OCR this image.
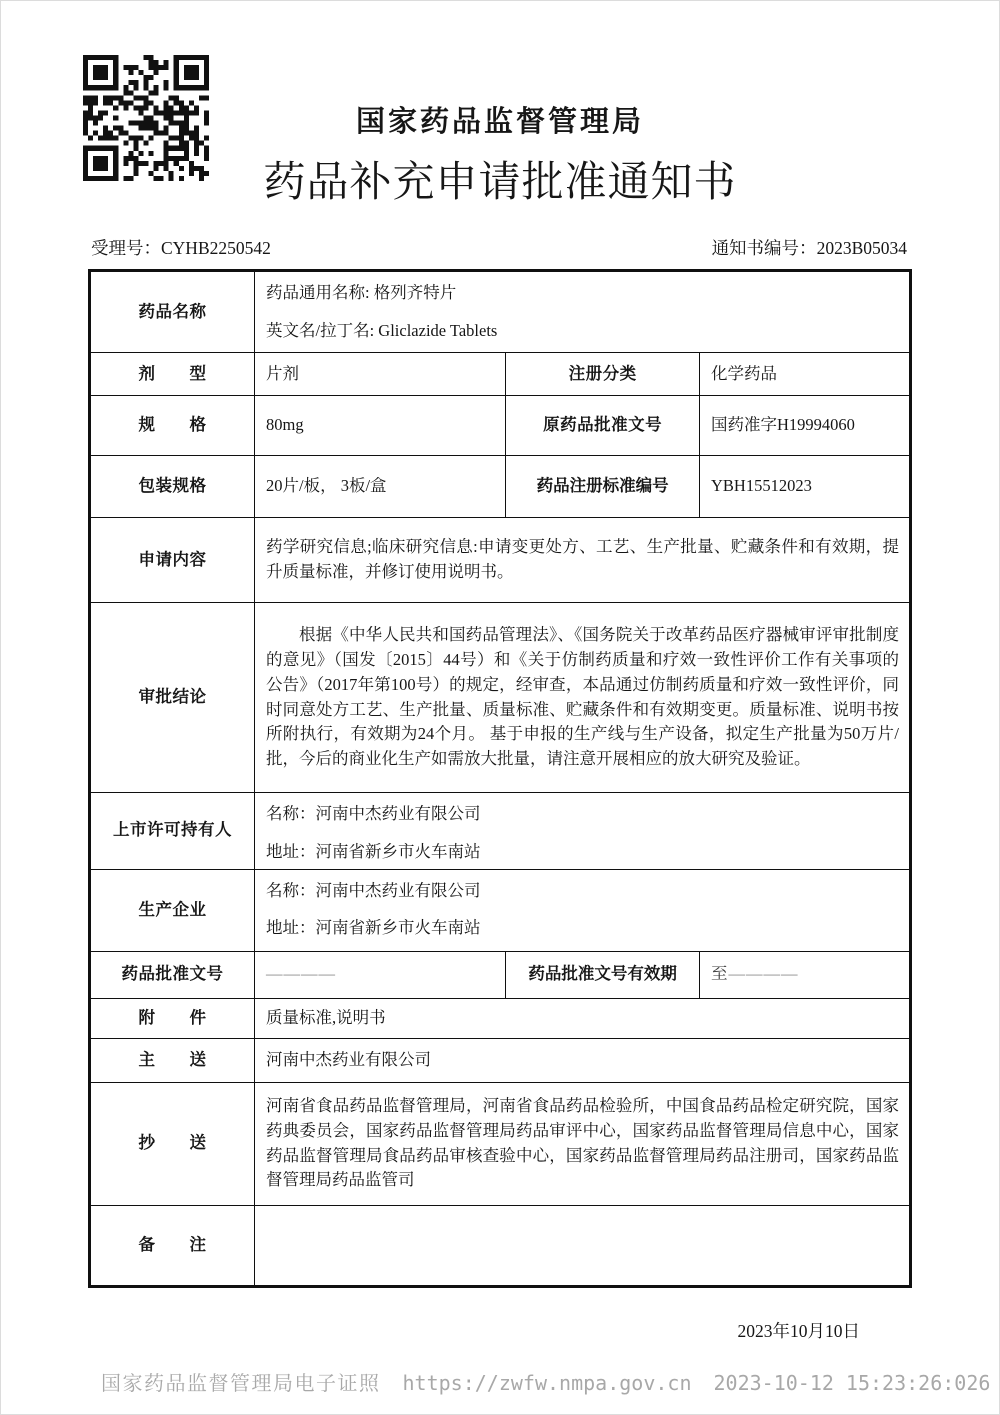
国家药品监督管理局
药品补充申请批准通知书
受理号：CYHB2250542	通知书编号：2023B05034
药品名称	药品通用名称: 格列齐特片
英文名/拉丁名: Gliclazide Tablets		

剂　　型	片剂	注册分类	化学药品
规　　格	80mg	原药品批准文号	国药准字H19994060
包装规格	20片/板， 3板/盒	药品注册标准编号	YBH15512023
申请内容	药学研究信息;临床研究信息:申请变更处方、工艺、生产批量、贮藏条件和有效期，提升质量标准，并修订使用说明书。		
审批结论	根据《中华人民共和国药品管理法》、《国务院关于改革药品医疗器械审评审批制度的意见》（国发〔2015〕44号）和《关于仿制药质量和疗效一致性评价工作有关事项的公告》（2017年第100号）的规定，经审查，本品通过仿制药质量和疗效一致性评价，同时同意处方工艺、生产批量、质量标准、贮藏条件和有效期变更。质量标准、说明书按所附执行，有效期为24个月。 基于申报的生产线与生产设备，拟定生产批量为50万片/批，今后的商业化生产如需放大批量，请注意开展相应的放大研究及验证。		
上市许可持有人	名称：河南中杰药业有限公司
地址：河南省新乡市火车南站		

生产企业	名称：河南中杰药业有限公司
地址：河南省新乡市火车南站		

药品批准文号	————	药品批准文号有效期	至————
附　　件	质量标准,说明书		
主　　送	河南中杰药业有限公司		
抄　　送	河南省食品药品监督管理局，河南省食品药品检验所，中国食品药品检定研究院，国家药典委员会，国家药品监督管理局药品审评中心，国家药品监督管理局信息中心，国家药品监督管理局食品药品审核查验中心，国家药品监督管理局药品注册司，国家药品监督管理局药品监管司		
备　　注			
2023年10月10日
国家药品监督管理局电子证照 https://zwfw.nmpa.gov.cn 2023-10-12 15:23:26:026
